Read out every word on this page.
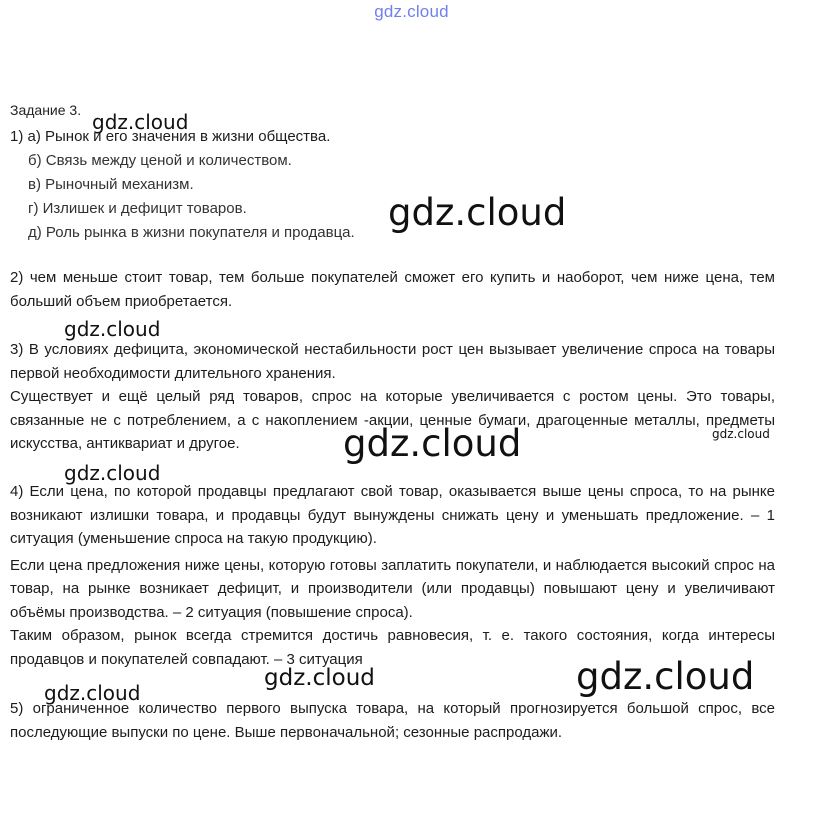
gdz.cloud
Задание 3.
1) а) Рынок и его значения в жизни общества.
б) Связь между ценой и количеством.
в) Рыночный механизм.
г) Излишек и дефицит товаров.
д) Роль рынка в жизни покупателя и продавца.

2) чем меньше стоит товар, тем больше покупателей сможет его купить и наоборот, чем ниже цена, тем больший объем приобретается.

3) В условиях дефицита, экономической нестабильности рост цен вызывает увеличение спроса на товары первой необходимости длительного хранения.

Существует и ещё целый ряд товаров, спрос на которые увеличивается с ростом цены. Это товары, связанные не с потреблением, а с накоплением -акции, ценные бумаги, драгоценные металлы, предметы искусства, антиквариат и другое.

4) Если цена, по которой продавцы предлагают свой товар, оказывается выше цены спроса, то на рынке возникают излишки товара, и продавцы будут вынуждены снижать цену и уменьшать предложение. – 1 ситуация (уменьшение спроса на такую продукцию).

Если цена предложения ниже цены, которую готовы заплатить покупатели, и наблюдается высокий спрос на товар, на рынке возникает дефицит, и производители (или продавцы) повышают цену и увеличивают объёмы производства. – 2 ситуация (повышение спроса).

Таким образом, рынок всегда стремится достичь равновесия, т. е. такого состояния, когда интересы продавцов и покупателей совпадают. – 3 ситуация

5) ограниченное количество первого выпуска товара, на который прогнозируется большой спрос, все последующие выпуски по цене. Выше первоначальной; сезонные распродажи.

gdz.cloud
gdz.cloud
gdz.cloud
gdz.cloud	gdz.cloud
gdz.cloud
gdz.cloud
gdz.cloud	gdz.cloud
